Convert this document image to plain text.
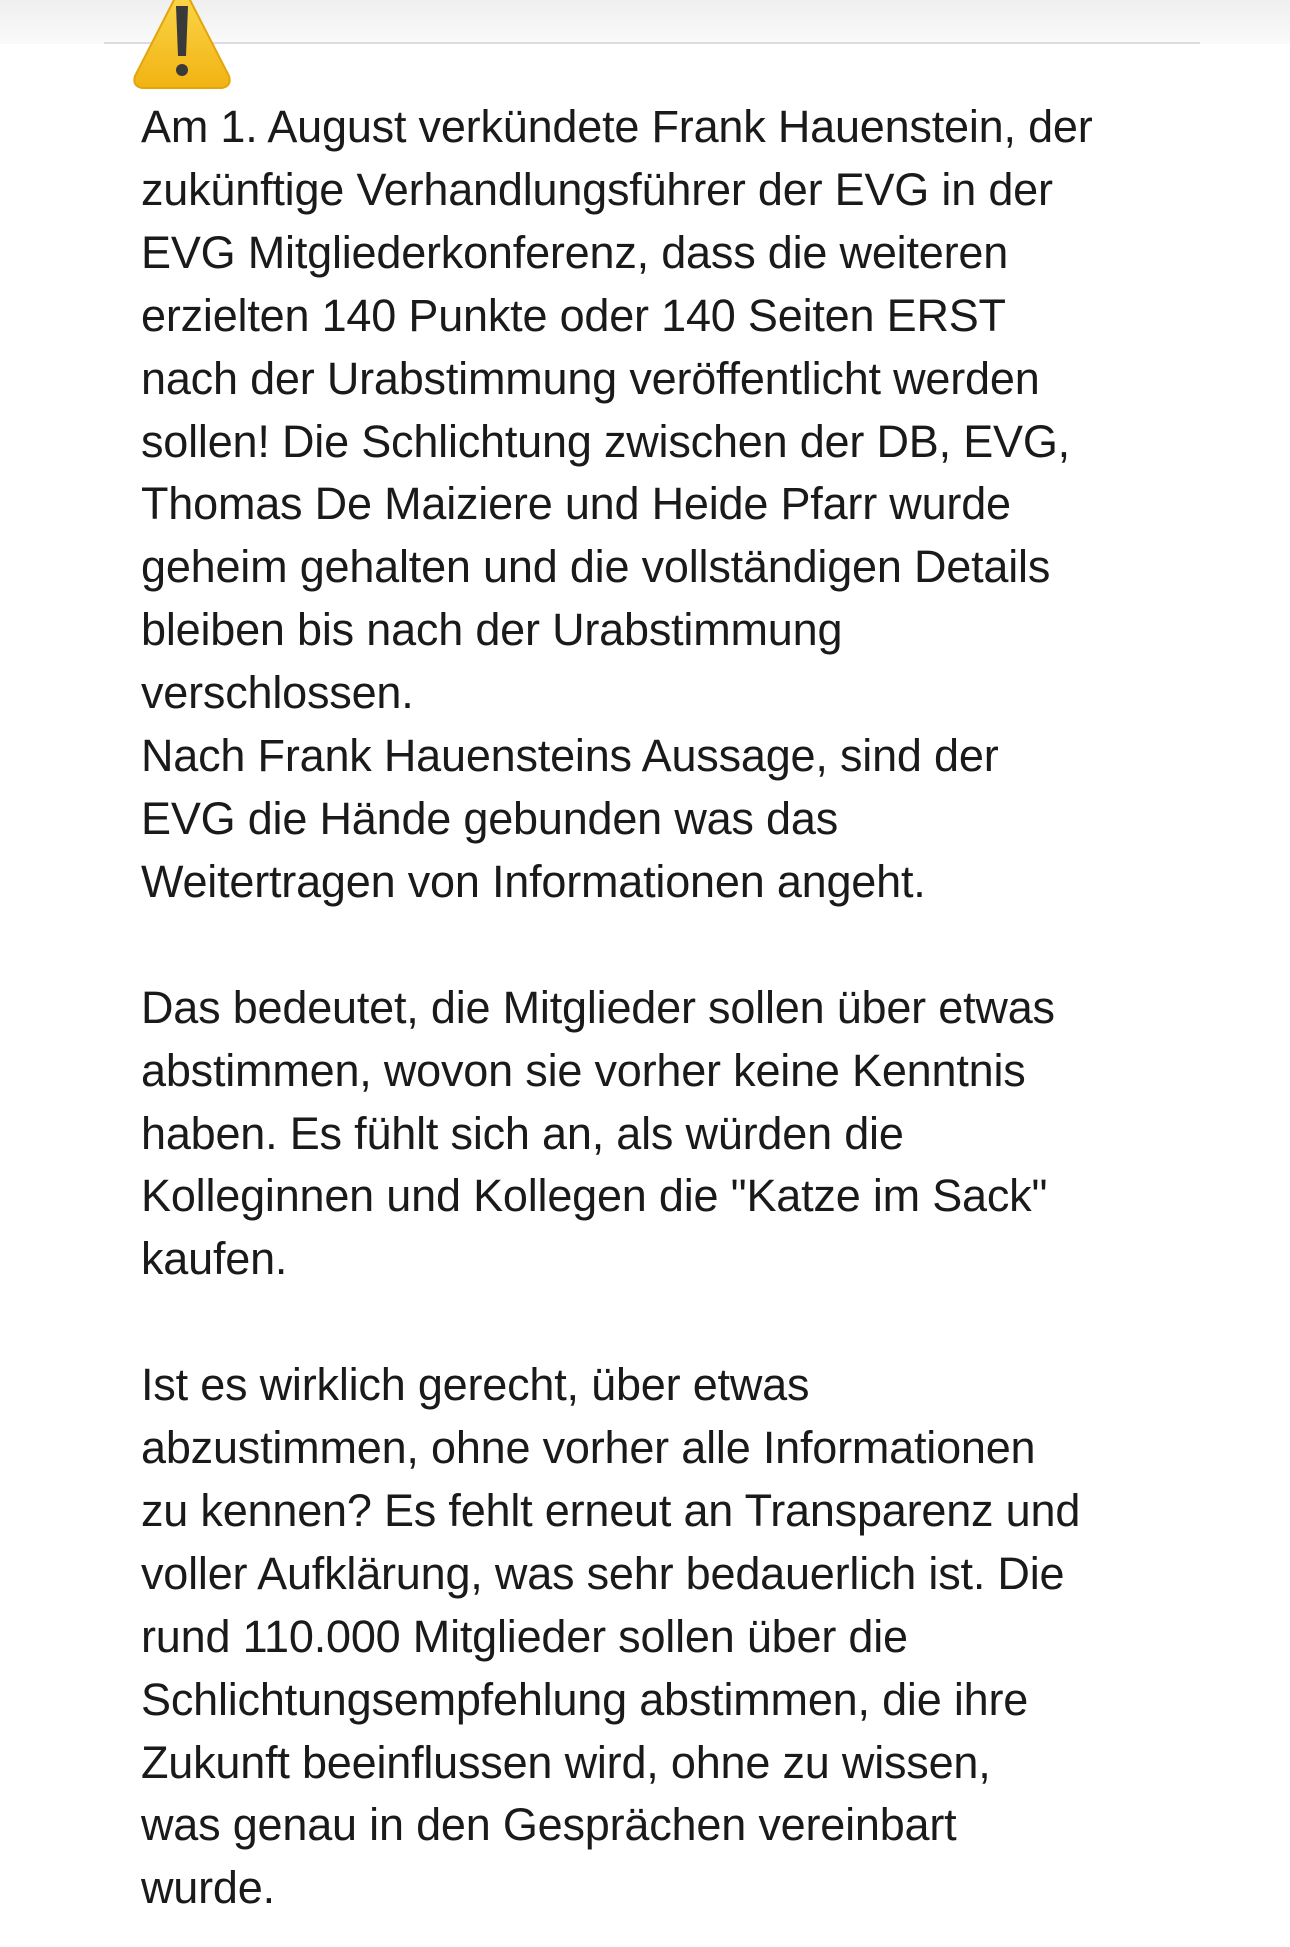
Am 1. August verkündete Frank Hauenstein, der
zukünftige Verhandlungsführer der EVG in der
EVG Mitgliederkonferenz, dass die weiteren
erzielten 140 Punkte oder 140 Seiten ERST
nach der Urabstimmung veröffentlicht werden
sollen! Die Schlichtung zwischen der DB, EVG,
Thomas De Maiziere und Heide Pfarr wurde
geheim gehalten und die vollständigen Details
bleiben bis nach der Urabstimmung
verschlossen.
Nach Frank Hauensteins Aussage, sind der
EVG die Hände gebunden was das
Weitertragen von Informationen angeht.

Das bedeutet, die Mitglieder sollen über etwas
abstimmen, wovon sie vorher keine Kenntnis
haben. Es fühlt sich an, als würden die
Kolleginnen und Kollegen die "Katze im Sack"
kaufen.

Ist es wirklich gerecht, über etwas
abzustimmen, ohne vorher alle Informationen
zu kennen? Es fehlt erneut an Transparenz und
voller Aufklärung, was sehr bedauerlich ist. Die
rund 110.000 Mitglieder sollen über die
Schlichtungsempfehlung abstimmen, die ihre
Zukunft beeinflussen wird, ohne zu wissen,
was genau in den Gesprächen vereinbart
wurde.
